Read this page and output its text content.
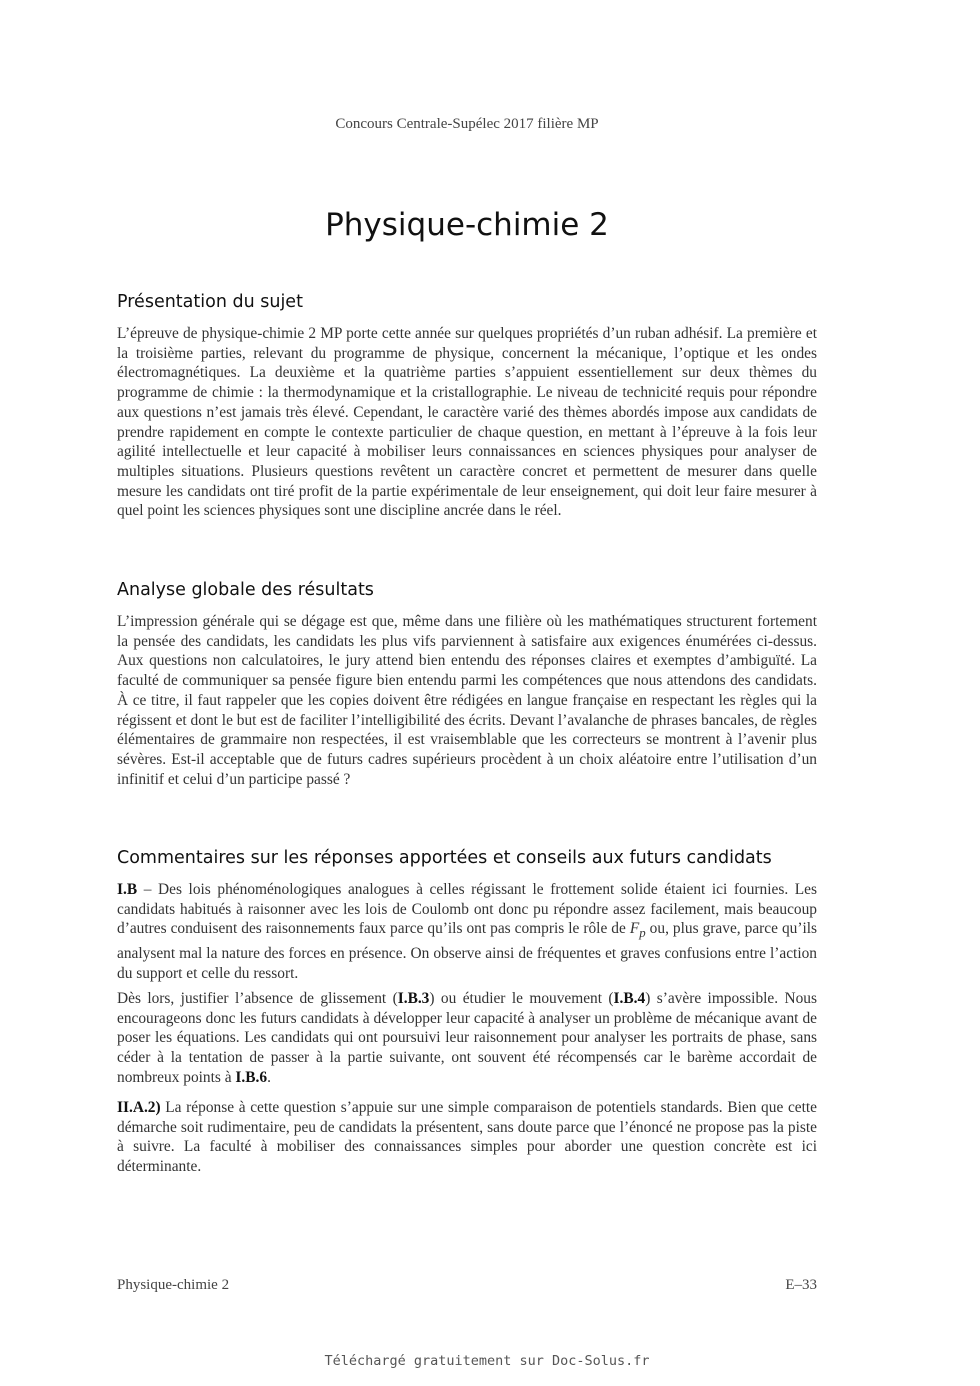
Concours Centrale-Supélec 2017 filière MP
Physique-chimie 2
Présentation du sujet

L’épreuve de physique-chimie 2 MP porte cette année sur quelques propriétés d’un ruban adhésif. La première et la troisième parties, relevant du programme de physique, concernent la mécanique, l’optique et les ondes électromagnétiques. La deuxième et la quatrième parties s’appuient essentiellement sur deux thèmes du programme de chimie : la thermodynamique et la cristallographie. Le niveau de technicité requis pour répondre aux questions n’est jamais très élevé. Cependant, le caractère varié des thèmes abordés impose aux candidats de prendre rapidement en compte le contexte particulier de chaque question, en mettant à l’épreuve à la fois leur agilité intellectuelle et leur capacité à mobiliser leurs connaissances en sciences physiques pour analyser de multiples situations. Plusieurs questions revêtent un caractère concret et permettent de mesurer dans quelle mesure les candidats ont tiré profit de la partie expérimentale de leur enseignement, qui doit leur faire mesurer à quel point les sciences physiques sont une discipline ancrée dans le réel.

Analyse globale des résultats

L’impression générale qui se dégage est que, même dans une filière où les mathématiques structurent fortement la pensée des candidats, les candidats les plus vifs parviennent à satisfaire aux exigences énumérées ci-dessus. Aux questions non calculatoires, le jury attend bien entendu des réponses claires et exemptes d’ambiguïté. La faculté de communiquer sa pensée figure bien entendu parmi les compétences que nous attendons des candidats. À ce titre, il faut rappeler que les copies doivent être rédigées en langue française en respectant les règles qui la régissent et dont le but est de faciliter l’intelligibilité des écrits. Devant l’avalanche de phrases bancales, de règles élémentaires de grammaire non respectées, il est vraisemblable que les correcteurs se montrent à l’avenir plus sévères. Est-il acceptable que de futurs cadres supérieurs procèdent à un choix aléatoire entre l’utilisation d’un infinitif et celui d’un participe passé ?

Commentaires sur les réponses apportées et conseils aux futurs candidats

I.B – Des lois phénoménologiques analogues à celles régissant le frottement solide étaient ici fournies. Les candidats habitués à raisonner avec les lois de Coulomb ont donc pu répondre assez facilement, mais beaucoup d’autres conduisent des raisonnements faux parce qu’ils ont pas compris le rôle de $F_p$ ou, plus grave, parce qu’ils analysent mal la nature des forces en présence. On observe ainsi de fréquentes et graves confusions entre l’action du support et celle du ressort.

Dès lors, justifier l’absence de glissement (I.B.3) ou étudier le mouvement (I.B.4) s’avère impossible. Nous encourageons donc les futurs candidats à développer leur capacité à analyser un problème de mécanique avant de poser les équations. Les candidats qui ont poursuivi leur raisonnement pour analyser les portraits de phase, sans céder à la tentation de passer à la partie suivante, ont souvent été récompensés car le barème accordait de nombreux points à I.B.6.

II.A.2) La réponse à cette question s’appuie sur une simple comparaison de potentiels standards. Bien que cette démarche soit rudimentaire, peu de candidats la présentent, sans doute parce que l’énoncé ne propose pas la piste à suivre. La faculté à mobiliser des connaissances simples pour aborder une question concrète est ici déterminante.

Physique-chimie 2	E–33
Téléchargé gratuitement sur Doc-Solus.fr
